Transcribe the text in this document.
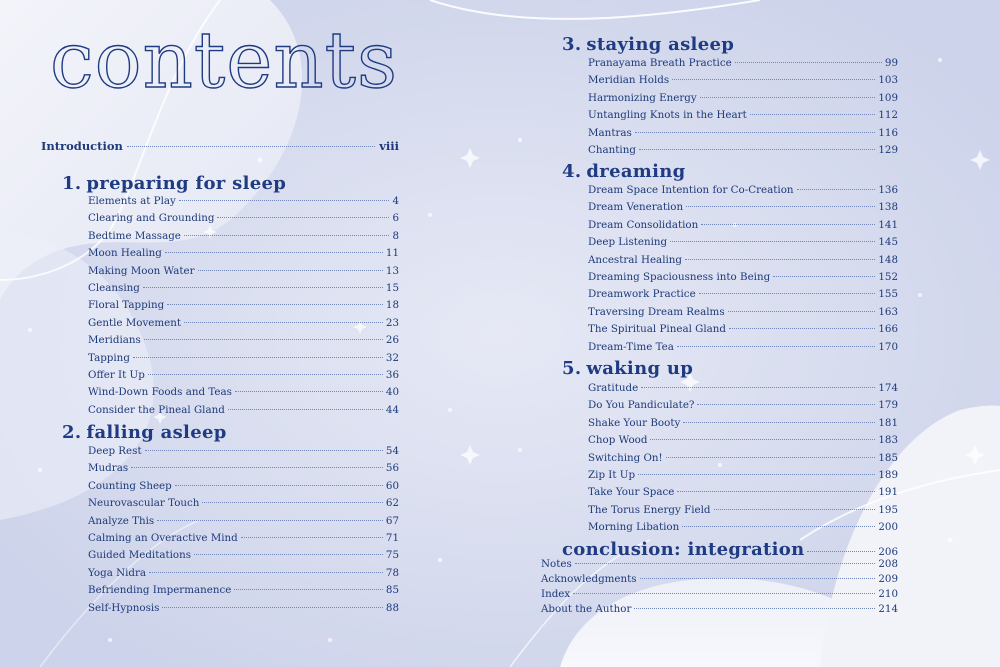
contents
Introduction	viii
1. preparing for sleep
Elements at Play	4
Clearing and Grounding	6
Bedtime Massage	8
Moon Healing	11
Making Moon Water	13
Cleansing	15
Floral Tapping	18
Gentle Movement	23
Meridians	26
Tapping	32
Offer It Up	36
Wind-Down Foods and Teas	40
Consider the Pineal Gland	44
2. falling asleep
Deep Rest	54
Mudras	56
Counting Sheep	60
Neurovascular Touch	62
Analyze This	67
Calming an Overactive Mind	71
Guided Meditations	75
Yoga Nidra	78
Befriending Impermanence	85
Self-Hypnosis	88
3. staying asleep
Pranayama Breath Practice	99
Meridian Holds	103
Harmonizing Energy	109
Untangling Knots in the Heart	112
Mantras	116
Chanting	129
4. dreaming
Dream Space Intention for Co-Creation	136
Dream Veneration	138
Dream Consolidation	141
Deep Listening	145
Ancestral Healing	148
Dreaming Spaciousness into Being	152
Dreamwork Practice	155
Traversing Dream Realms	163
The Spiritual Pineal Gland	166
Dream-Time Tea	170
5. waking up
Gratitude	174
Do You Pandiculate?	179
Shake Your Booty	181
Chop Wood	183
Switching On!	185
Zip It Up	189
Take Your Space	191
The Torus Energy Field	195
Morning Libation	200
conclusion: integration	206
Notes	208
Acknowledgments	209
Index	210
About the Author	214
